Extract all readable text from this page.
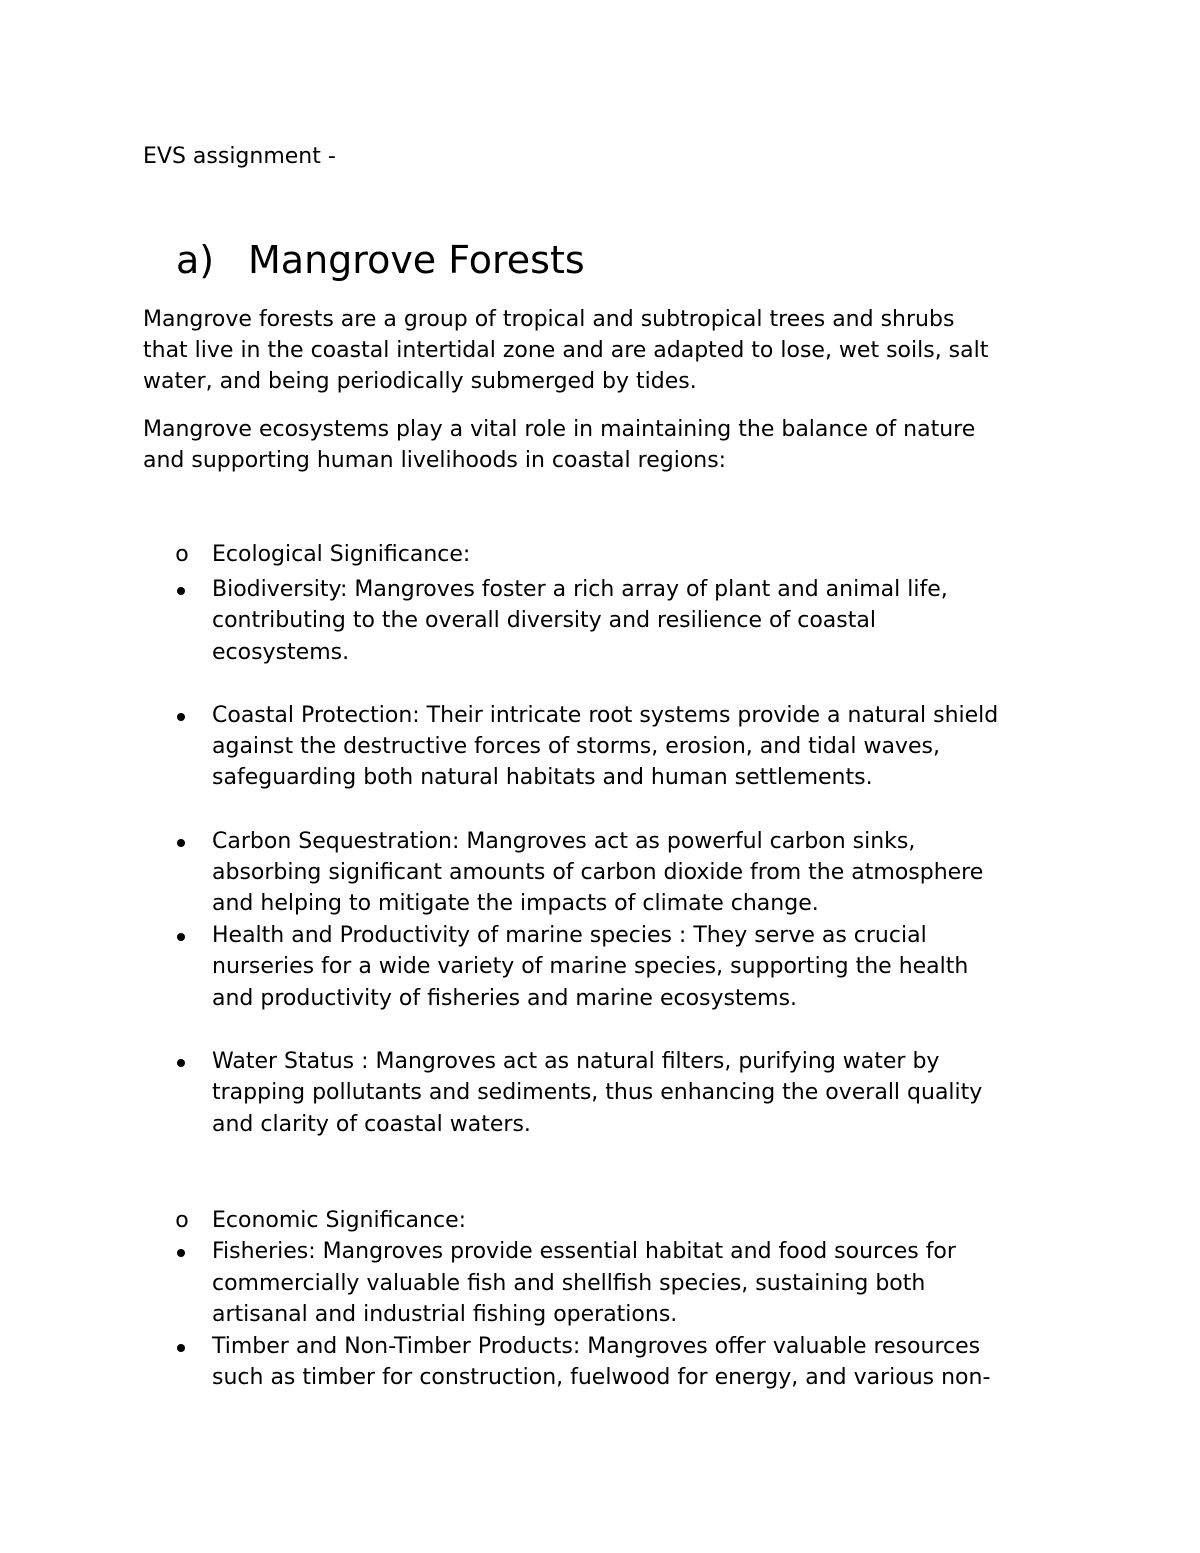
EVS assignment -
a) Mangrove Forests
Mangrove forests are a group of tropical and subtropical trees and shrubs
that live in the coastal intertidal zone and are adapted to lose, wet soils, salt
water, and being periodically submerged by tides.
Mangrove ecosystems play a vital role in maintaining the balance of nature
and supporting human livelihoods in coastal regions:
o Ecological Significance:
Biodiversity: Mangroves foster a rich array of plant and animal life,
contributing to the overall diversity and resilience of coastal
ecosystems.
Coastal Protection: Their intricate root systems provide a natural shield
against the destructive forces of storms, erosion, and tidal waves,
safeguarding both natural habitats and human settlements.
Carbon Sequestration: Mangroves act as powerful carbon sinks,
absorbing significant amounts of carbon dioxide from the atmosphere
and helping to mitigate the impacts of climate change.
Health and Productivity of marine species : They serve as crucial
nurseries for a wide variety of marine species, supporting the health
and productivity of fisheries and marine ecosystems.
Water Status : Mangroves act as natural filters, purifying water by
trapping pollutants and sediments, thus enhancing the overall quality
and clarity of coastal waters.
o Economic Significance:
Fisheries: Mangroves provide essential habitat and food sources for
commercially valuable fish and shellfish species, sustaining both
artisanal and industrial fishing operations.
Timber and Non-Timber Products: Mangroves offer valuable resources
such as timber for construction, fuelwood for energy, and various non-
